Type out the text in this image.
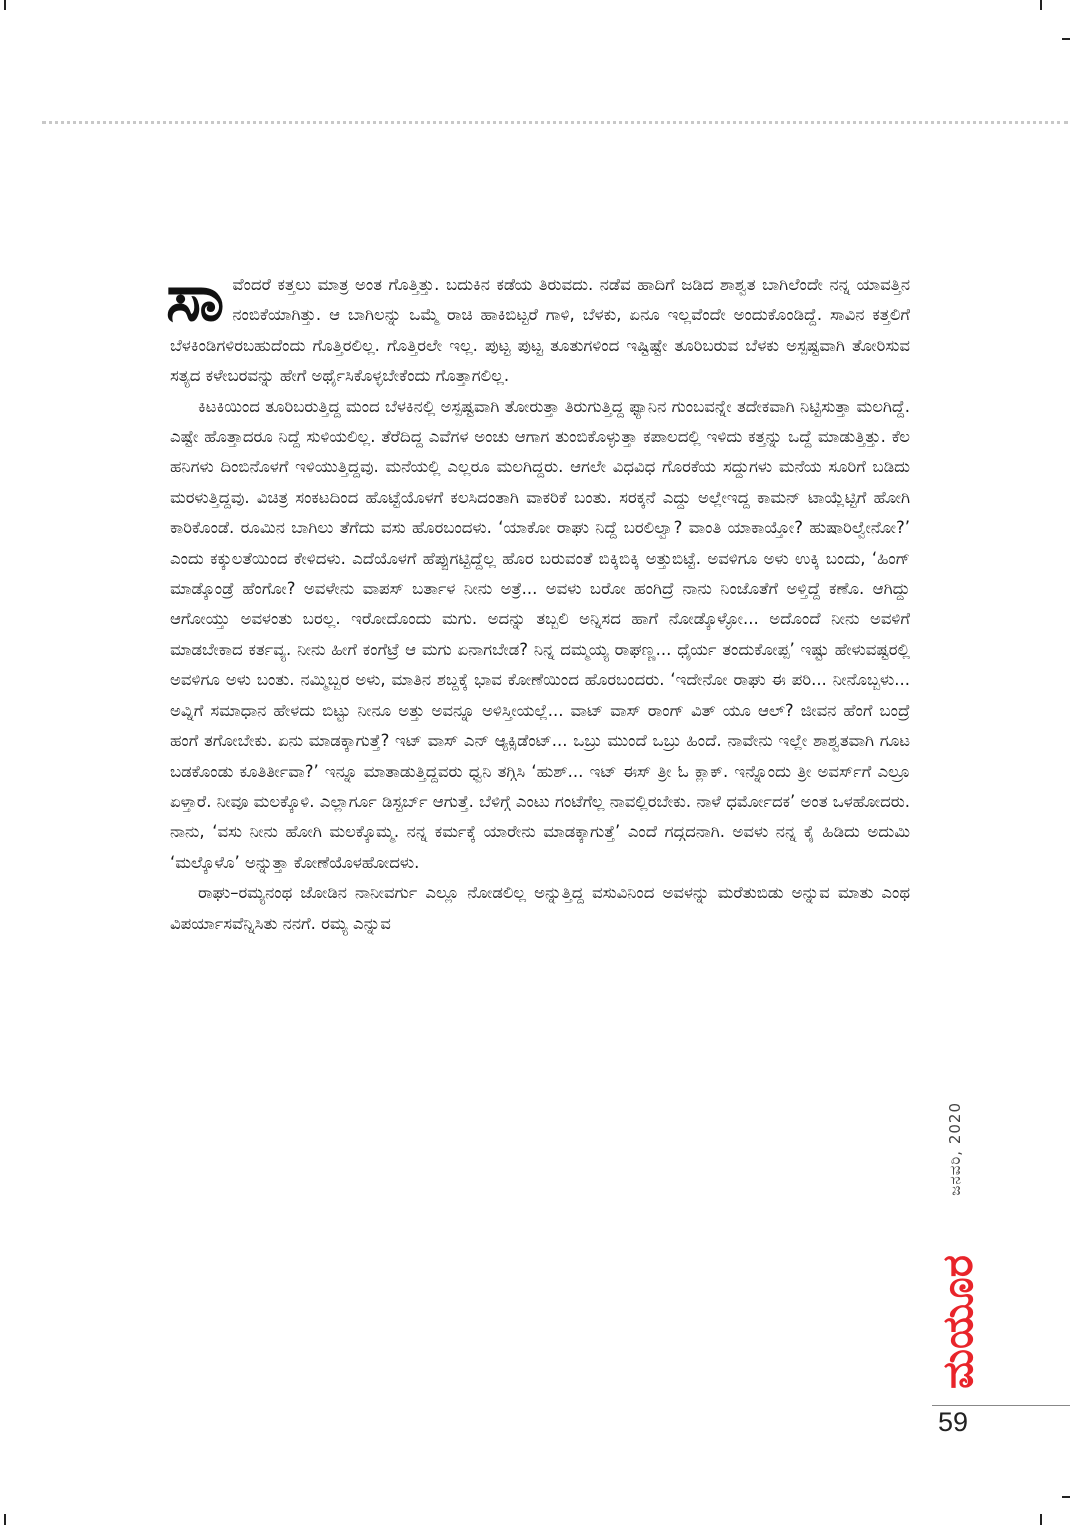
ಸಾವೆಂದರೆ ಕತ್ತಲು ಮಾತ್ರ ಅಂತ ಗೊತ್ತಿತ್ತು. ಬದುಕಿನ ಕಡೆಯ ತಿರುವದು. ನಡೆವ ಹಾದಿಗೆ ಜಡಿದ ಶಾಶ್ವತ ಬಾಗಿಲೆಂದೇ ನನ್ನ ಯಾವತ್ತಿನ ನಂಬಿಕೆಯಾಗಿತ್ತು. ಆ ಬಾಗಿಲನ್ನು ಒಮ್ಮೆ ರಾಚಿ ಹಾಕಿಬಿಟ್ಟರೆ ಗಾಳಿ, ಬೆಳಕು, ಏನೂ ಇಲ್ಲವೆಂದೇ ಅಂದುಕೊಂಡಿದ್ದೆ. ಸಾವಿನ ಕತ್ತಲಿಗೆ ಬೆಳಕಿಂಡಿಗಳಿರಬಹುದೆಂದು ಗೊತ್ತಿರಲಿಲ್ಲ. ಗೊತ್ತಿರಲೇ ಇಲ್ಲ. ಪುಟ್ಟ ಪುಟ್ಟ ತೂತುಗಳಿಂದ ಇಷ್ಟಿಷ್ಟೇ ತೂರಿಬರುವ ಬೆಳಕು ಅಸ್ಪಷ್ಟವಾಗಿ ತೋರಿಸುವ ಸತ್ಯದ ಕಳೇಬರವನ್ನು ಹೇಗೆ ಅರ್ಥೈಸಿಕೊಳ್ಳಬೇಕೆಂದು ಗೊತ್ತಾಗಲಿಲ್ಲ.

ಕಿಟಕಿಯಿಂದ ತೂರಿಬರುತ್ತಿದ್ದ ಮಂದ ಬೆಳಕಿನಲ್ಲಿ ಅಸ್ಪಷ್ಟವಾಗಿ ತೋರುತ್ತಾ ತಿರುಗುತ್ತಿದ್ದ ಫ್ಯಾನಿನ ಗುಂಬವನ್ನೇ ತದೇಕವಾಗಿ ನಿಟ್ಟಿಸುತ್ತಾ ಮಲಗಿದ್ದೆ. ಎಷ್ಟೇ ಹೊತ್ತಾದರೂ ನಿದ್ದೆ ಸುಳಿಯಲಿಲ್ಲ. ತೆರೆದಿದ್ದ ಎವೆಗಳ ಅಂಚು ಆಗಾಗ ತುಂಬಿಕೊಳ್ಳುತ್ತಾ ಕಪಾಲದಲ್ಲಿ ಇಳಿದು ಕತ್ತನ್ನು ಒದ್ದೆ ಮಾಡುತ್ತಿತ್ತು. ಕೆಲ ಹನಿಗಳು ದಿಂಬಿನೊಳಗೆ ಇಳಿಯುತ್ತಿದ್ದವು. ಮನೆಯಲ್ಲಿ ಎಲ್ಲರೂ ಮಲಗಿದ್ದರು. ಆಗಲೇ ವಿಧವಿಧ ಗೊರಕೆಯ ಸದ್ದುಗಳು ಮನೆಯ ಸೂರಿಗೆ ಬಡಿದು ಮರಳುತ್ತಿದ್ದವು. ವಿಚಿತ್ರ ಸಂಕಟದಿಂದ ಹೊಟ್ಟೆಯೊಳಗೆ ಕಲಸಿದಂತಾಗಿ ವಾಕರಿಕೆ ಬಂತು. ಸರಕ್ಕನೆ ಎದ್ದು ಅಲ್ಲೇಇದ್ದ ಕಾಮನ್ ಟಾಯ್ಲೆಟ್ಟಿಗೆ ಹೋಗಿ ಕಾರಿಕೊಂಡೆ. ರೂಮಿನ ಬಾಗಿಲು ತೆಗೆದು ವಸು ಹೊರಬಂದಳು. ‘ಯಾಕೋ ರಾಘು ನಿದ್ದೆ ಬರಲಿಲ್ವಾ? ವಾಂತಿ ಯಾಕಾಯ್ತೋ? ಹುಷಾರಿಲ್ವೇನೋ?’ ಎಂದು ಕಕ್ಕುಲತೆಯಿಂದ ಕೇಳಿದಳು. ಎದೆಯೊಳಗೆ ಹೆಪ್ಪುಗಟ್ಟಿದ್ದೆಲ್ಲ ಹೊರ ಬರುವಂತೆ ಬಿಕ್ಕಿಬಿಕ್ಕಿ ಅತ್ತುಬಿಟ್ಟೆ. ಅವಳಿಗೂ ಅಳು ಉಕ್ಕಿ ಬಂದು, ‘ಹಿಂಗ್ ಮಾಡ್ಕೊಂಡ್ರೆ ಹೆಂಗೋ? ಅವಳೇನು ವಾಪಸ್ ಬರ್ತಾಳ ನೀನು ಅತ್ರೆ... ಅವಳು ಬರೋ ಹಂಗಿದ್ರೆ ನಾನು ನಿಂಜೊತೆಗೆ ಅಳ್ತಿದ್ದೆ ಕಣೊ. ಆಗಿದ್ದು ಆಗೋಯ್ತು ಅವಳಂತು ಬರಲ್ಲ. ಇರೋದೊಂದು ಮಗು. ಅದನ್ನು ತಬ್ಬಲಿ ಅನ್ನಿಸದ ಹಾಗೆ ನೋಡ್ಕೊಳ್ಳೋ... ಅದೊಂದೆ ನೀನು ಅವಳಿಗೆ ಮಾಡಬೇಕಾದ ಕರ್ತವ್ಯ. ನೀನು ಹೀಗೆ ಕಂಗೆಟ್ರೆ ಆ ಮಗು ಏನಾಗಬೇಡ? ನಿನ್ನ ದಮ್ಮಯ್ಯ ರಾಘಣ್ಣ... ಧೈರ್ಯ ತಂದುಕೋಪ್ಪ’ ಇಷ್ಟು ಹೇಳುವಷ್ಟರಲ್ಲಿ ಅವಳಿಗೂ ಅಳು ಬಂತು. ನಮ್ಮಿಬ್ಬರ ಅಳು, ಮಾತಿನ ಶಬ್ದಕ್ಕೆ ಭಾವ ಕೋಣೆಯಿಂದ ಹೊರಬಂದರು. ‘ಇದೇನೋ ರಾಘು ಈ ಪರಿ... ನೀನೊಬ್ಬಳು... ಅವ್ನಿಗೆ ಸಮಾಧಾನ ಹೇಳದು ಬಿಟ್ಟು ನೀನೂ ಅತ್ತು ಅವನ್ನೂ ಅಳಿಸ್ತೀಯಲ್ಲೆ... ವಾಟ್ ವಾಸ್ ರಾಂಗ್ ವಿತ್ ಯೂ ಆಲ್? ಜೀವನ ಹೆಂಗೆ ಬಂದ್ರೆ ಹಂಗೆ ತಗೋಬೇಕು. ಏನು ಮಾಡಕ್ಕಾಗುತ್ತೆ? ಇಟ್ ವಾಸ್ ಎನ್ ಆ್ಯಕ್ಸಿಡೆಂಟ್... ಒಬ್ರು ಮುಂದೆ ಒಬ್ರು ಹಿಂದೆ. ನಾವೇನು ಇಲ್ಲೇ ಶಾಶ್ವತವಾಗಿ ಗೂಟ ಬಡಕೊಂಡು ಕೂತಿರ್ತೀವಾ?’ ಇನ್ನೂ ಮಾತಾಡುತ್ತಿದ್ದವರು ಧ್ವನಿ ತಗ್ಗಿಸಿ ‘ಹುಶ್... ಇಟ್ ಈಸ್ ತ್ರೀ ಓ ಕ್ಲಾಕ್. ಇನ್ನೊಂದು ತ್ರೀ ಅವರ್ಸ್‌ಗೆ ಎಲ್ರೂ ಏಳ್ತಾರೆ. ನೀವೂ ಮಲಕ್ಕೊಳಿ. ಎಲ್ಲಾರ್ಗೂ ಡಿಸ್ಟರ್ಬ್ ಆಗುತ್ತೆ. ಬೆಳಿಗ್ಗೆ ಎಂಟು ಗಂಟೆಗೆಲ್ಲ ನಾವಲ್ಲಿರಬೇಕು. ನಾಳೆ ಧರ್ಮೋದಕ’ ಅಂತ ಒಳಹೋದರು. ನಾನು, ‘ವಸು ನೀನು ಹೋಗಿ ಮಲಕ್ಕೊಮ್ಮ. ನನ್ನ ಕರ್ಮಕ್ಕೆ ಯಾರೇನು ಮಾಡಕ್ಕಾಗುತ್ತೆ’ ಎಂದೆ ಗದ್ಗದನಾಗಿ. ಅವಳು ನನ್ನ ಕೈ ಹಿಡಿದು ಅದುಮಿ ‘ಮಲ್ಕೊಳೊ’ ಅನ್ನುತ್ತಾ ಕೋಣೆಯೊಳಹೋದಳು.

ರಾಘು–ರಮ್ಯನಂಥ ಜೋಡಿನ ನಾನೀವರ್ಗು ಎಲ್ಲೂ ನೋಡಲಿಲ್ಲ ಅನ್ನುತ್ತಿದ್ದ ವಸುವಿನಿಂದ ಅವಳನ್ನು ಮರೆತುಬಿಡು ಅನ್ನುವ ಮಾತು ಎಂಥ ವಿಪರ್ಯಾಸವೆನ್ನಿಸಿತು ನನಗೆ. ರಮ್ಯ ಎನ್ನುವ

ಜನವರಿ, 2020
ಮಯೂರ
59
